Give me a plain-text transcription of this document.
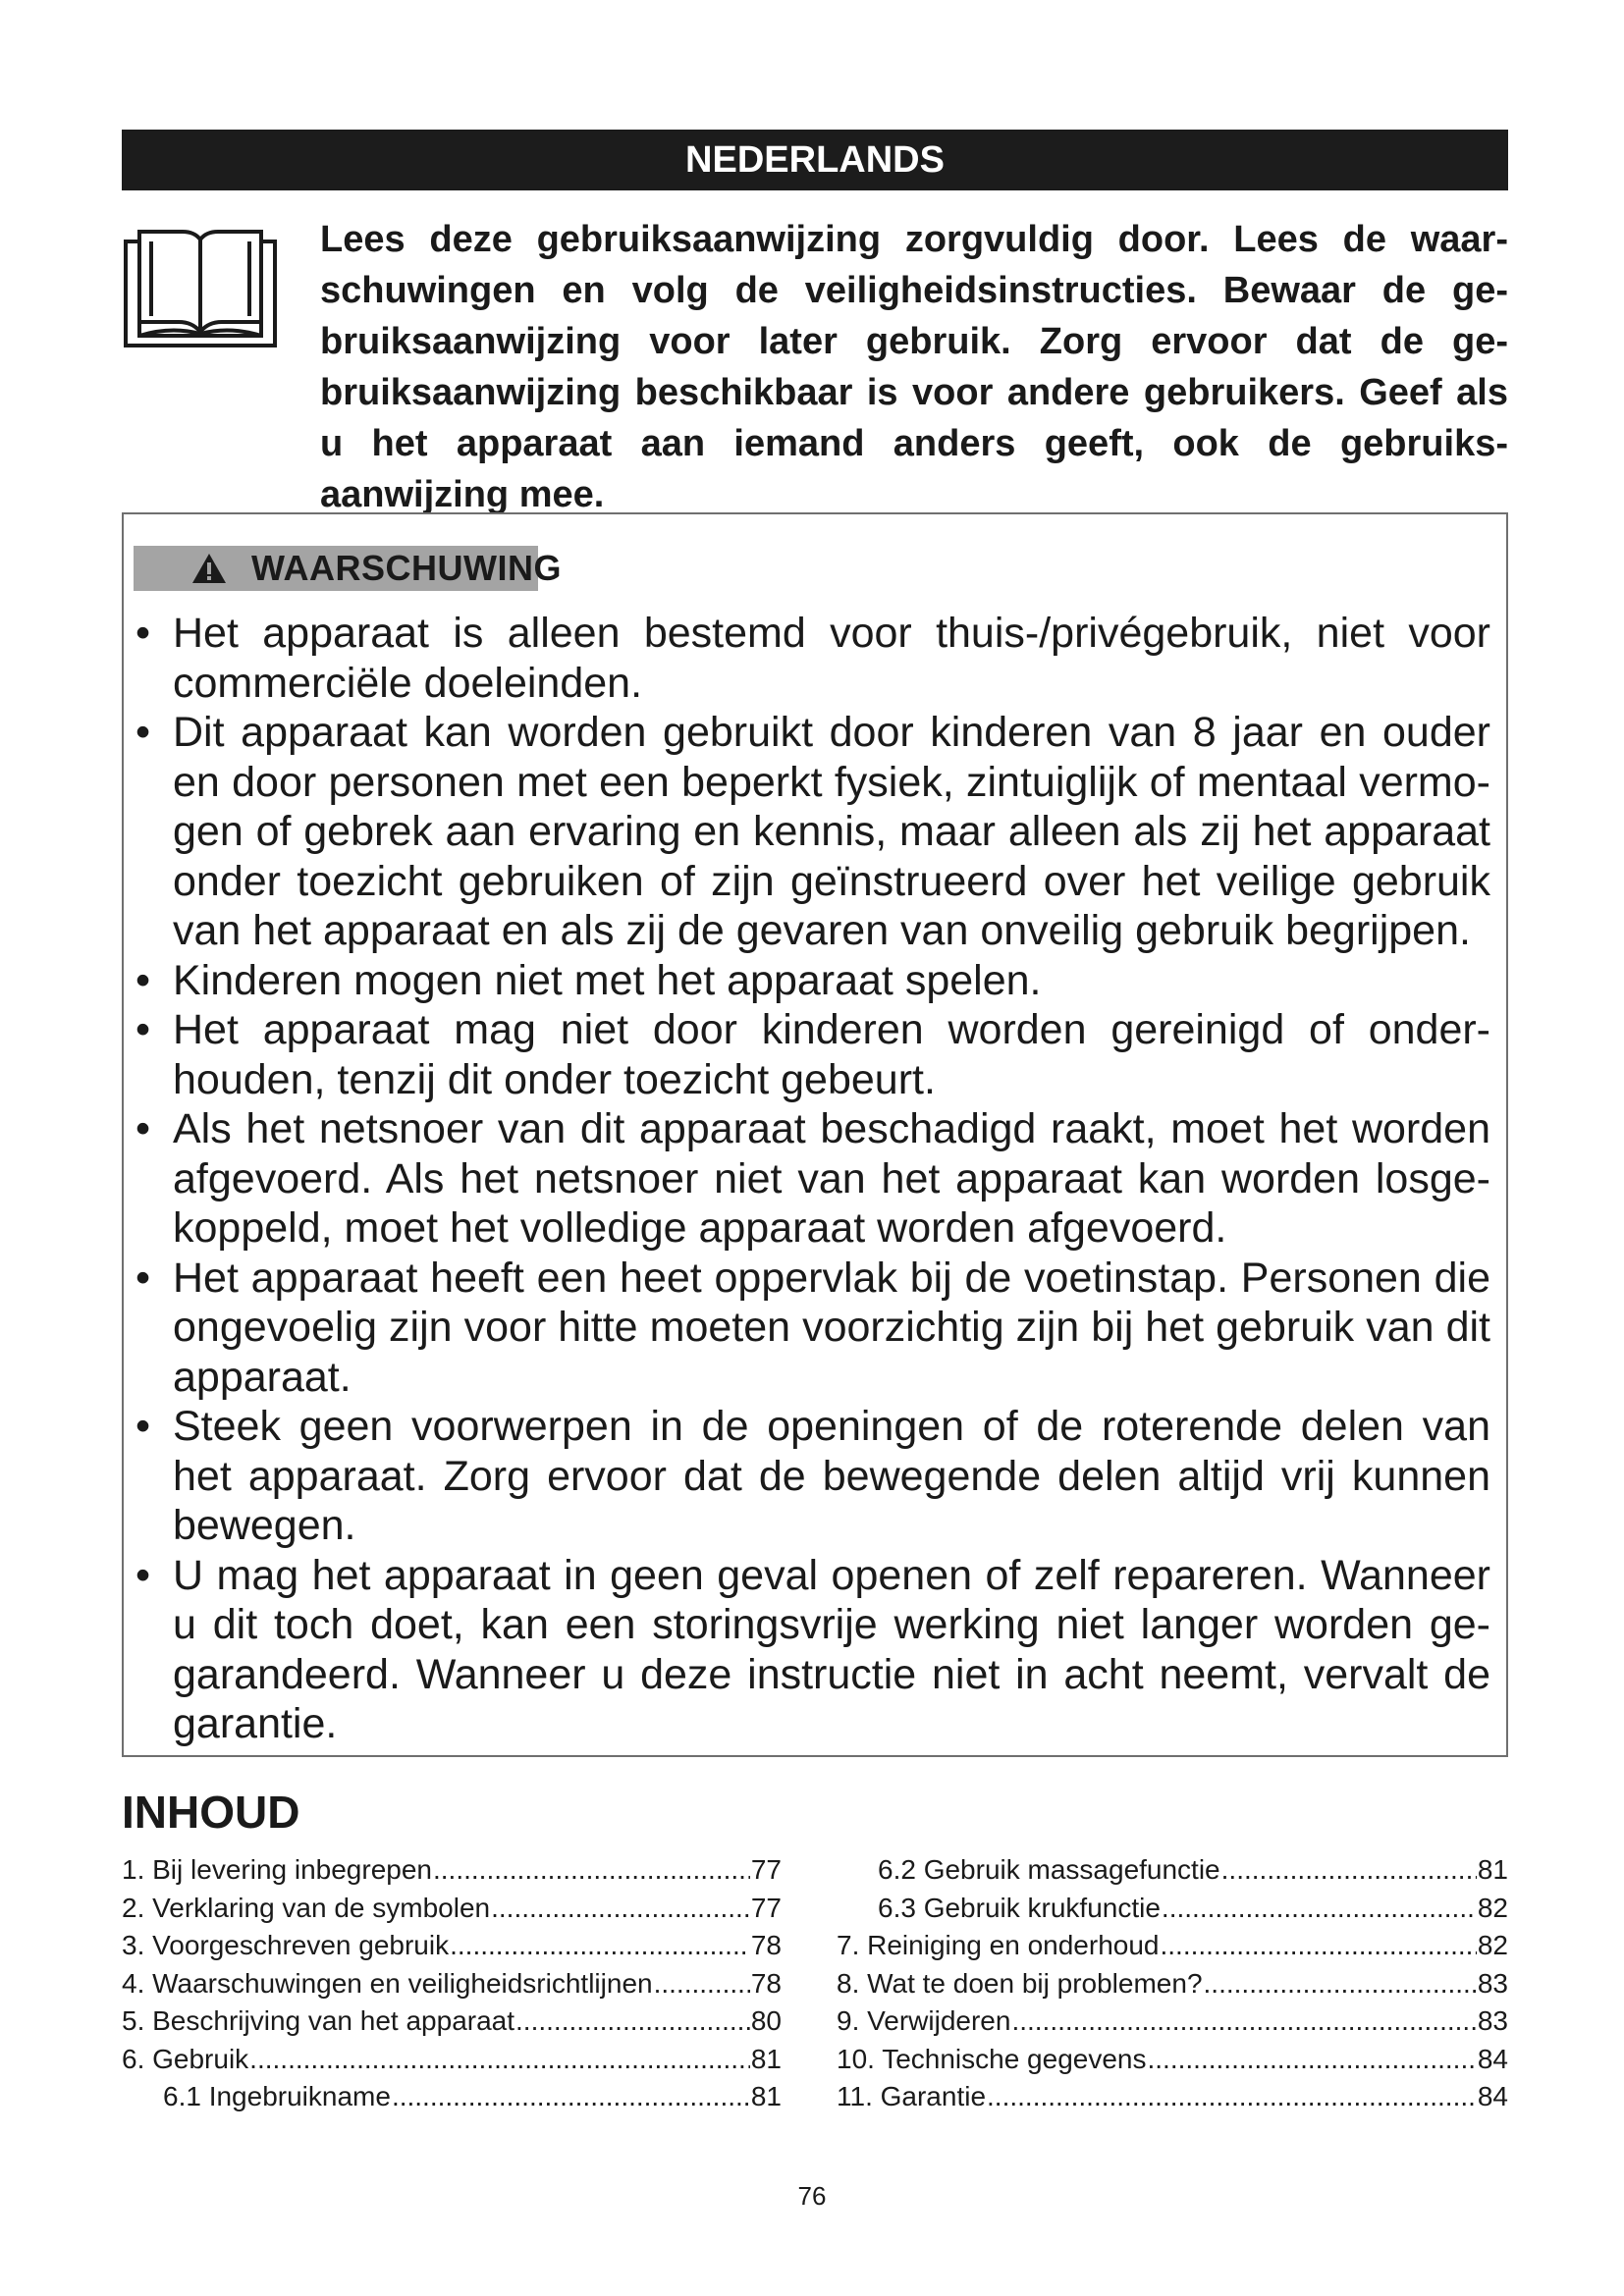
NEDERLANDS

Lees deze gebruiksaanwijzing zorgvuldig door. Lees de waar-schuwingen en volg de veiligheidsinstructies. Bewaar de ge-bruiksaanwijzing voor later gebruik. Zorg ervoor dat de ge-bruiksaanwijzing beschikbaar is voor andere gebruikers. Geef als u het apparaat aan iemand anders geeft, ook de gebruiks-aanwijzing mee.

WAARSCHUWING
• Het apparaat is alleen bestemd voor thuis-/privégebruik, niet voor commerciële doeleinden.
• Dit apparaat kan worden gebruikt door kinderen van 8 jaar en ouder en door personen met een beperkt fysiek, zintuiglijk of mentaal vermo-gen of gebrek aan ervaring en kennis, maar alleen als zij het apparaat onder toezicht gebruiken of zijn geïnstrueerd over het veilige gebruik van het apparaat en als zij de gevaren van onveilig gebruik begrijpen.
• Kinderen mogen niet met het apparaat spelen.
• Het apparaat mag niet door kinderen worden gereinigd of onder-houden, tenzij dit onder toezicht gebeurt.
• Als het netsnoer van dit apparaat beschadigd raakt, moet het worden afgevoerd. Als het netsnoer niet van het apparaat kan worden losge-koppeld, moet het volledige apparaat worden afgevoerd.
• Het apparaat heeft een heet oppervlak bij de voetinstap. Personen die ongevoelig zijn voor hitte moeten voorzichtig zijn bij het gebruik van dit apparaat.
• Steek geen voorwerpen in de openingen of de roterende delen van het apparaat. Zorg ervoor dat de bewegende delen altijd vrij kunnen bewegen.
• U mag het apparaat in geen geval openen of zelf repareren. Wanneer u dit toch doet, kan een storingsvrije werking niet langer worden ge-garandeerd. Wanneer u deze instructie niet in acht neemt, vervalt de garantie.
INHOUD
1. Bij levering inbegrepen .....	77
2. Verklaring van de symbolen .....	77
3. Voorgeschreven gebruik .....	78
4. Waarschuwingen en veiligheidsrichtlijnen .....	78
5. Beschrijving van het apparaat .....	80
6. Gebruik .....	81
6.1 Ingebruikname .....	81
6.2 Gebruik massagefunctie .....	81
6.3 Gebruik krukfunctie .....	82
7. Reiniging en onderhoud .....	82
8. Wat te doen bij problemen? .....	83
9. Verwijderen .....	83
10. Technische gegevens .....	84
11. Garantie .....	84
76
